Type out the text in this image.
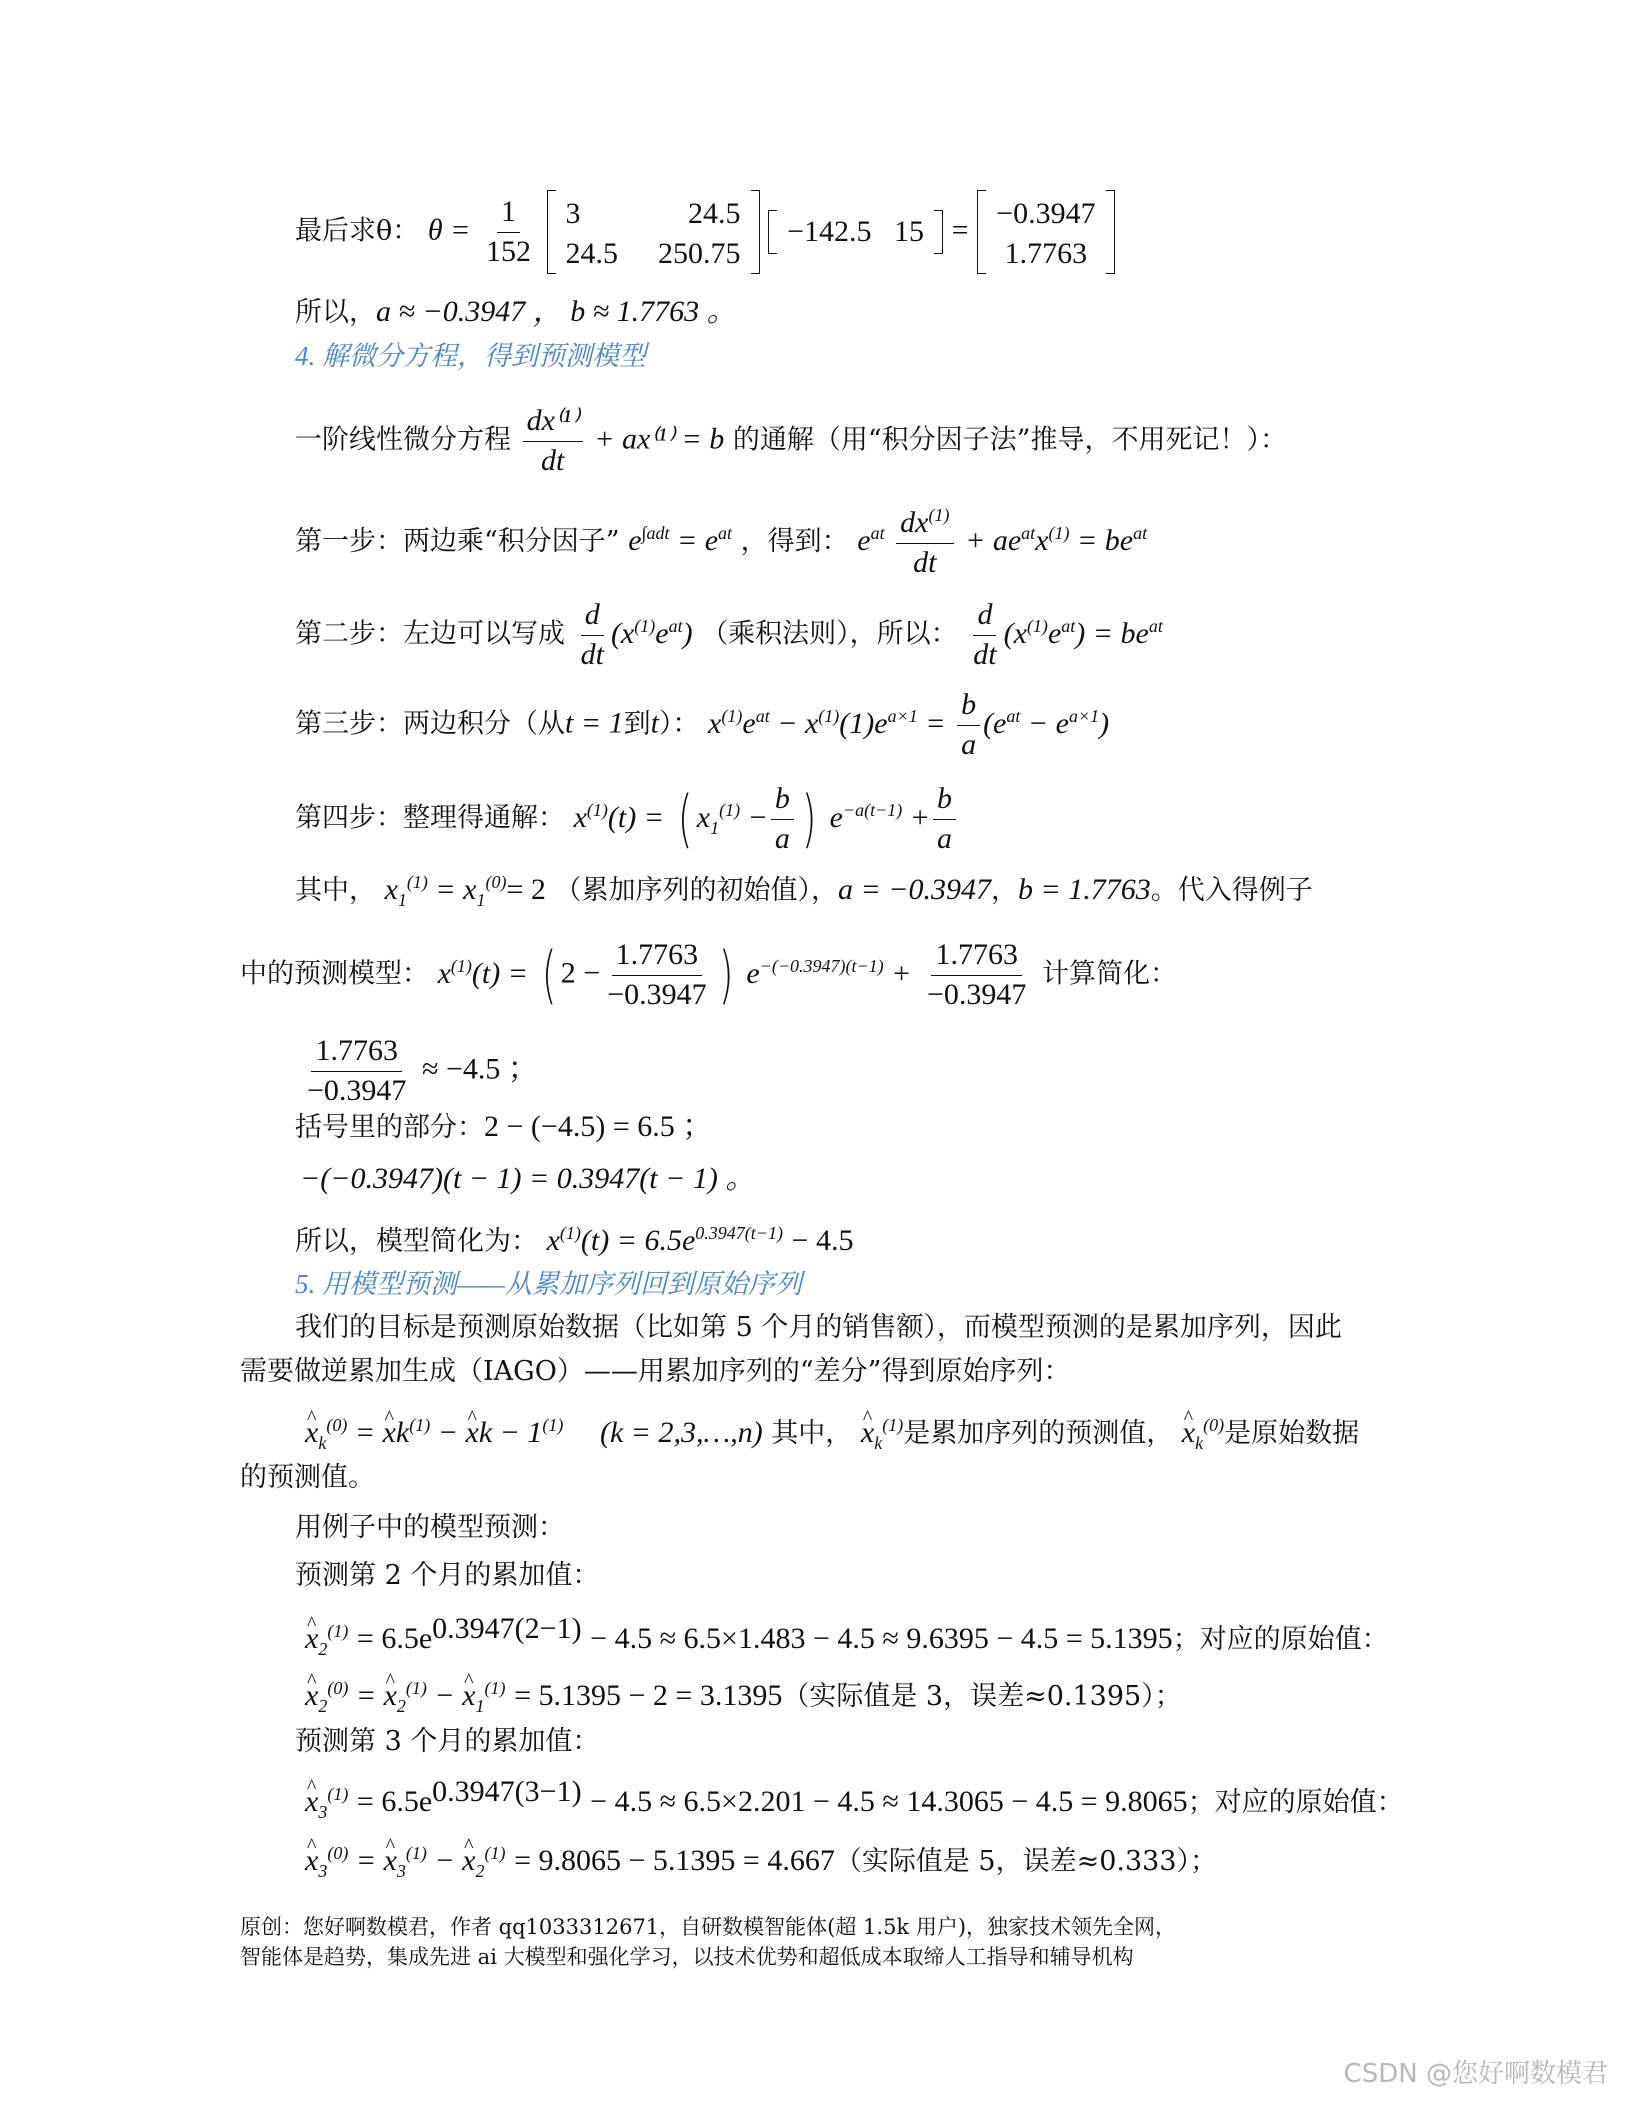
最后求θ： $\theta = \frac{1}{152}$
3	24.5
24.5 250.75

−142.5   15 = −0.3947
1.7763
所以，a ≈ −0.3947 ， b ≈ 1.7763 。
4. 解微分方程，得到预测模型
一阶线性微分方程 $\frac{\text{dx⁽¹⁾}}{dt} + ax^{(1)} = b$ 的通解（用“积分因子法”推导，不用死记！）：
第一步：两边乘“积分因子” $e^{\int adt} = e^{at}$ ，得到： $e^{at} \frac{dx^{(1)}}{dt} + ae^{at}x^{(1)} = be^{at}$
第二步：左边可以写成 $\frac{d}{dt} (x^{(1)}e^{at})$ （乘积法则），所以： $\frac{d}{dt} (x^{(1)}e^{at}) = be^{at}$
第三步：两边积分（从t = 1到t）： $x^{(1)}e^{at} - x^{(1)}(1)e^{a\times 1} = \frac{b}{a} (e^{at} - e^{a\times 1})$
第四步：整理得通解： $x^{(1)}(t)$ = ( $x_1^{(1)} - \frac{b}{a}$ ) $e^{-a(t-1)} + \frac{b}{a}$
其中， $x_1^{(1)} = x_1^{(0)}= 2$ （累加序列的初始值），a = −0.3947，b = 1.7763。代入得例子
中的预测模型： $x^{(1)}(t)$ = ( $2 - \frac{1.7763}{-0.3947}$ ) $e^{-(-0.3947)(t-1)} + \frac{1.7763}{-0.3947}$ 计算简化：
$\frac{1.7763}{-0.3947} \approx -4.5$ ；
括号里的部分：2 − (−4.5) = 6.5 ；
−(−0.3947)(t − 1) = 0.3947(t − 1) 。
所以，模型简化为： $x^{(1)}(t) = 6.5e^{0.3947(t-1)} - 4.5$
5. 用模型预测——从累加序列回到原始序列
我们的目标是预测原始数据（比如第 5 个月的销售额），而模型预测的是累加序列，因此
需要做逆累加生成（IAGO）——用累加序列的“差分”得到原始序列：
^ $x_k^{(0)}$ = ^ $xk^{(1)}$ − ^ xk − $1^{(1)}$ (k = 2,3,…,n) 其中， ^ $x_k^{(1)}$是累加序列的预测值， ^ $x_k^{(0)}$是原始数据
的预测值。
用例子中的模型预测：
预测第 2 个月的累加值：
^ $x_2^{(1)} = 6.5e^{0.3947(2-1)} - 4.5 \approx 6.5\times 1.483 - 4.5 \approx 9.6395 - 4.5 = 5.1395$；对应的原始值：
^ $x_2^{(0)}$ = ^ $x_2^{(1)}$ − ^ $x_1^{(1)} = 5.1395 - 2 = 3.1395$（实际值是 3，误差≈0.1395）；
预测第 3 个月的累加值：
^ $x_3^{(1)} = 6.5e^{0.3947(3-1)} - 4.5 \approx 6.5\times 2.201 - 4.5 \approx 14.3065 - 4.5 = 9.8065$；对应的原始值：
^ $x_3^{(0)}$ = ^ $x_3^{(1)}$ − ^ $x_2^{(1)} = 9.8065 - 5.1395 = 4.667$（实际值是 5，误差≈0.333）；
原创：您好啊数模君，作者 qq1033312671，自研数模智能体(超 1.5k 用户)，独家技术领先全网，
智能体是趋势，集成先进 ai 大模型和强化学习，以技术优势和超低成本取缔人工指导和辅导机构
CSDN @您好啊数模君
